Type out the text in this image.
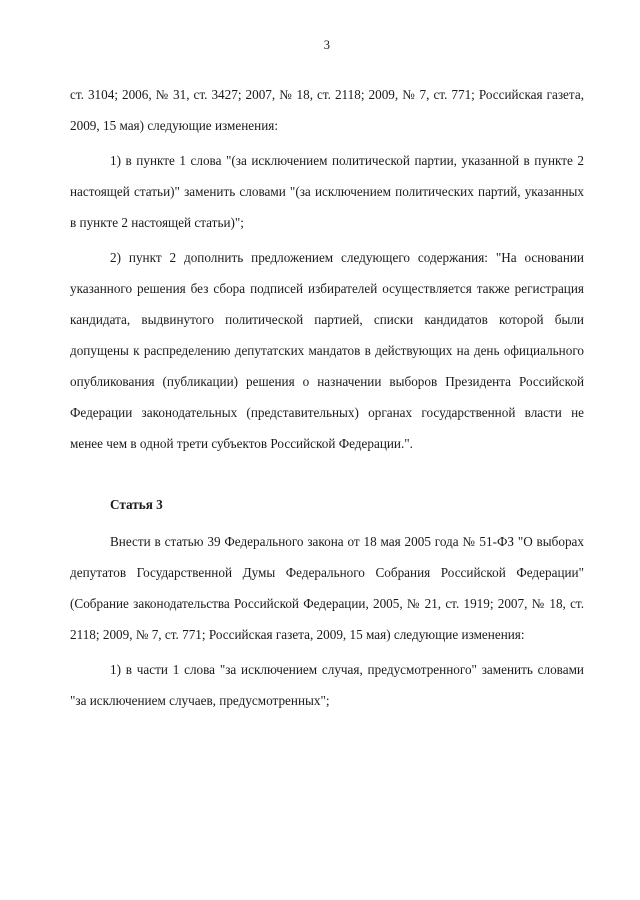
3

ст. 3104; 2006, № 31, ст. 3427; 2007, № 18, ст. 2118; 2009, № 7, ст. 771; Российская газета, 2009, 15 мая) следующие изменения:

1) в пункте 1 слова "(за исключением политической партии, указанной в пункте 2 настоящей статьи)" заменить словами "(за исключением политических партий, указанных в пункте 2 настоящей статьи)";

2) пункт 2 дополнить предложением следующего содержания: "На основании указанного решения без сбора подписей избирателей осуществляется также регистрация кандидата, выдвинутого политической партией, списки кандидатов которой были допущены к распределению депутатских мандатов в действующих на день официального опубликования (публикации) решения о назначении выборов Президента Российской Федерации законодательных (представительных) органах государственной власти не менее чем в одной трети субъектов Российской Федерации.".

Статья 3

Внести в статью 39 Федерального закона от 18 мая 2005 года № 51-ФЗ "О выборах депутатов Государственной Думы Федерального Собрания Российской Федерации" (Собрание законодательства Российской Федерации, 2005, № 21, ст. 1919; 2007, № 18, ст. 2118; 2009, № 7, ст. 771; Российская газета, 2009, 15 мая) следующие изменения:

1) в части 1 слова "за исключением случая, предусмотренного" заменить словами "за исключением случаев, предусмотренных";
